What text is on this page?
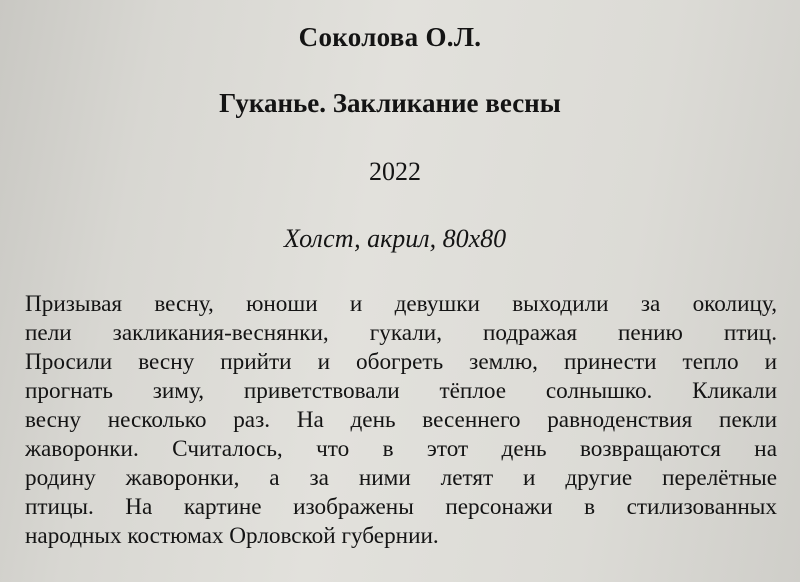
Соколова О.Л.
Гуканье. Закликание весны
2022
Холст, акрил, 80х80
Призывая весну, юноши и девушки выходили за околицу,
пели закликания-веснянки, гукали, подражая пению птиц.
Просили весну прийти и обогреть землю, принести тепло и
прогнать зиму, приветствовали тёплое солнышко. Кликали
весну несколько раз. На день весеннего равноденствия пекли
жаворонки. Считалось, что в этот день возвращаются на
родину жаворонки, а за ними летят и другие перелётные
птицы. На картине изображены персонажи в стилизованных
народных костюмах Орловской губернии.
